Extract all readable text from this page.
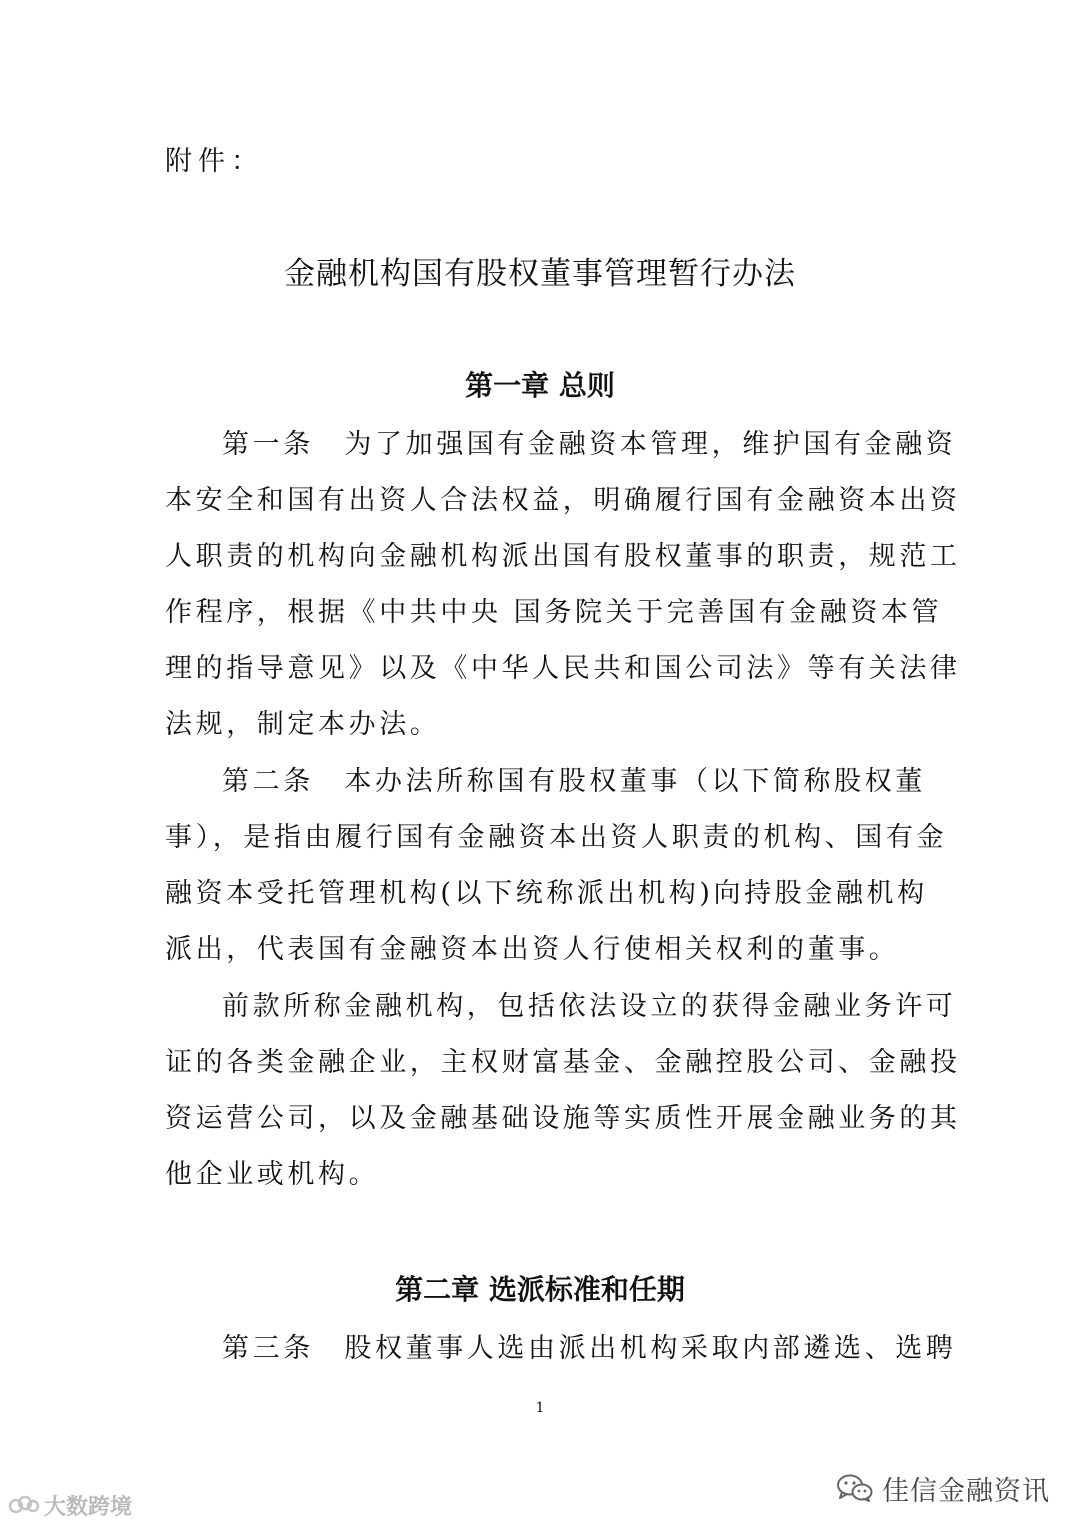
附件：
金融机构国有股权董事管理暂行办法
第一章 总则
第一条　为了加强国有金融资本管理，维护国有金融资
本安全和国有出资人合法权益，明确履行国有金融资本出资
人职责的机构向金融机构派出国有股权董事的职责，规范工
作程序，根据《中共中央 国务院关于完善国有金融资本管
理的指导意见》以及《中华人民共和国公司法》等有关法律
法规，制定本办法。
第二条　本办法所称国有股权董事（以下简称股权董
事），是指由履行国有金融资本出资人职责的机构、国有金
融资本受托管理机构(以下统称派出机构)向持股金融机构
派出，代表国有金融资本出资人行使相关权利的董事。
前款所称金融机构，包括依法设立的获得金融业务许可
证的各类金融企业，主权财富基金、金融控股公司、金融投
资运营公司，以及金融基础设施等实质性开展金融业务的其
他企业或机构。
第二章 选派标准和任期
第三条　股权董事人选由派出机构采取内部遴选、选聘
1
大数跨境
佳信金融资讯
